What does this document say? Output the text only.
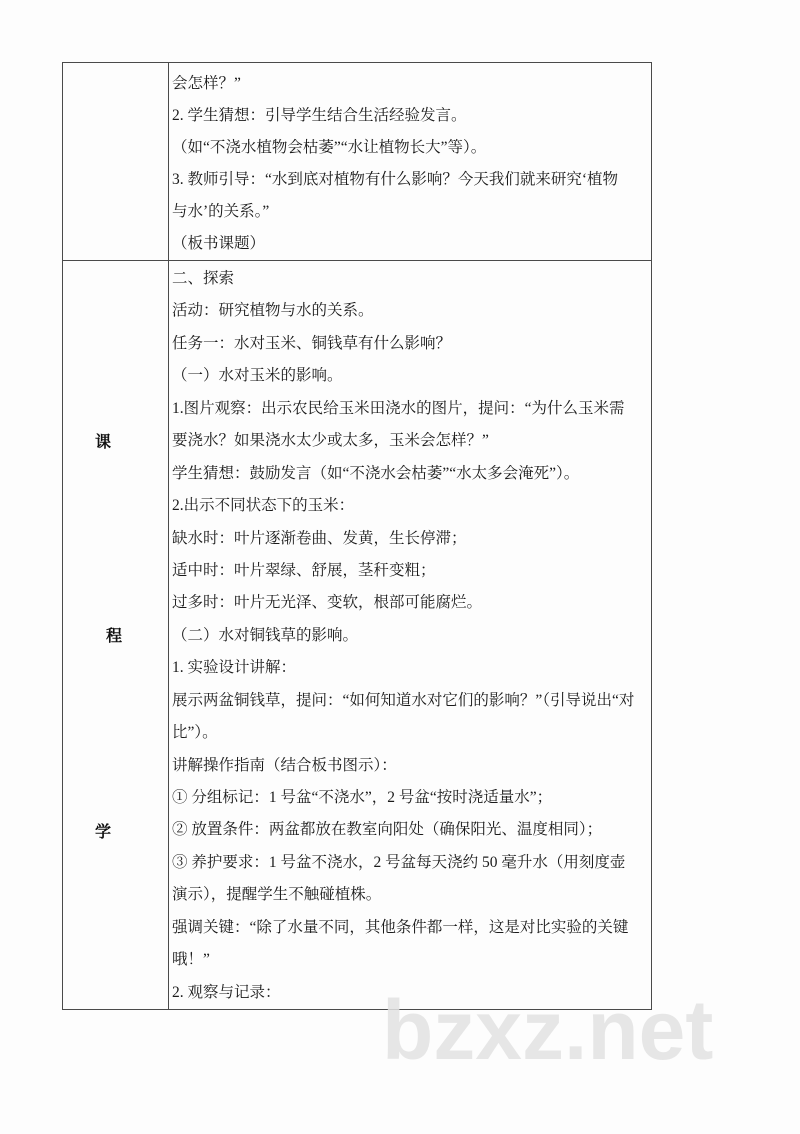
会怎样？”
2. 学生猜想：引导学生结合生活经验发言。
（如“不浇水植物会枯萎”“水让植物长大”等）。
3. 教师引导：“水到底对植物有什么影响？今天我们就来研究‘植物
与水’的关系。”
（板书课题）
课
程
学
二、探索
活动：研究植物与水的关系。
任务一：水对玉米、铜钱草有什么影响？
（一）水对玉米的影响。
1.图片观察：出示农民给玉米田浇水的图片，提问：“为什么玉米需
要浇水？如果浇水太少或太多，玉米会怎样？”
学生猜想：鼓励发言（如“不浇水会枯萎”“水太多会淹死”）。
2.出示不同状态下的玉米：
缺水时：叶片逐渐卷曲、发黄，生长停滞；
适中时：叶片翠绿、舒展，茎秆变粗；
过多时：叶片无光泽、变软，根部可能腐烂。
（二）水对铜钱草的影响。
1. 实验设计讲解：
展示两盆铜钱草，提问：“如何知道水对它们的影响？”（引导说出“对
比”）。
讲解操作指南（结合板书图示）：
① 分组标记：1 号盆“不浇水”，2 号盆“按时浇适量水”；
② 放置条件：两盆都放在教室向阳处（确保阳光、温度相同）；
③ 养护要求：1 号盆不浇水，2 号盆每天浇约 50 毫升水（用刻度壶
演示），提醒学生不触碰植株。
强调关键：“除了水量不同，其他条件都一样，这是对比实验的关键
哦！”
2. 观察与记录：	bzxz.net
